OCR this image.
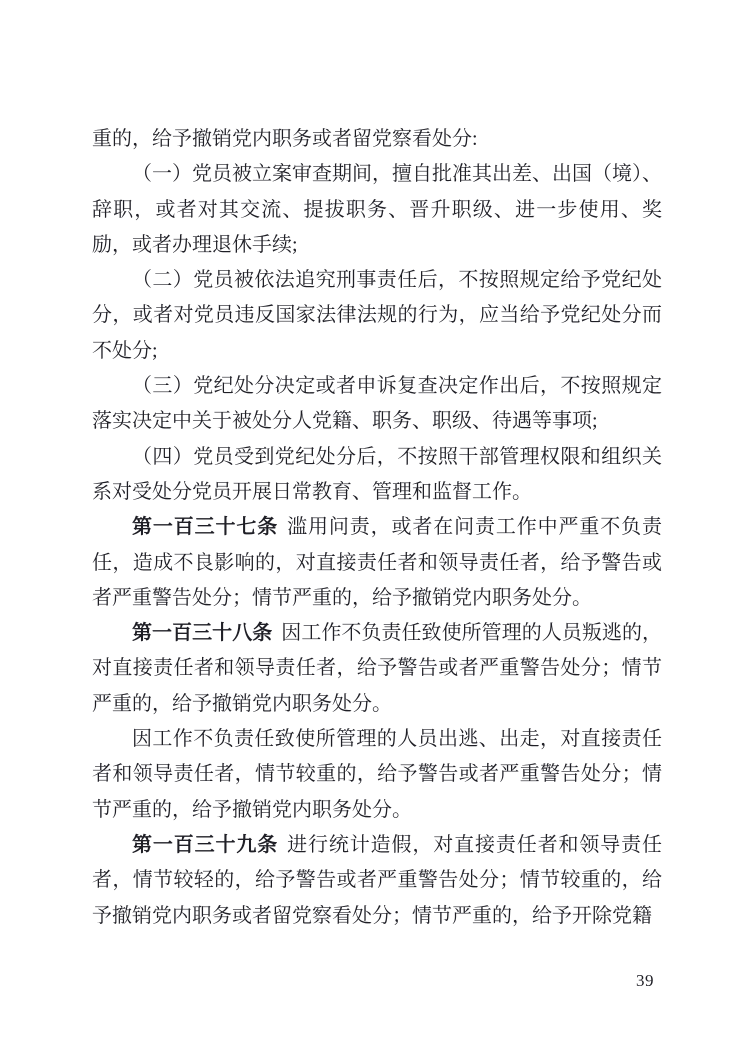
重的，给予撤销党内职务或者留党察看处分:

（一）党员被立案审查期间，擅自批准其出差、出国（境）、辞职，或者对其交流、提拔职务、晋升职级、进一步使用、奖励，或者办理退休手续;

（二）党员被依法追究刑事责任后，不按照规定给予党纪处分，或者对党员违反国家法律法规的行为，应当给予党纪处分而不处分;

（三）党纪处分决定或者申诉复查决定作出后，不按照规定落实决定中关于被处分人党籍、职务、职级、待遇等事项;

（四）党员受到党纪处分后，不按照干部管理权限和组织关系对受处分党员开展日常教育、管理和监督工作。

第一百三十七条 滥用问责，或者在问责工作中严重不负责任，造成不良影响的，对直接责任者和领导责任者，给予警告或者严重警告处分；情节严重的，给予撤销党内职务处分。

第一百三十八条 因工作不负责任致使所管理的人员叛逃的，对直接责任者和领导责任者，给予警告或者严重警告处分；情节严重的，给予撤销党内职务处分。

因工作不负责任致使所管理的人员出逃、出走，对直接责任者和领导责任者，情节较重的，给予警告或者严重警告处分；情节严重的，给予撤销党内职务处分。

第一百三十九条 进行统计造假，对直接责任者和领导责任者，情节较轻的，给予警告或者严重警告处分；情节较重的，给予撤销党内职务或者留党察看处分；情节严重的，给予开除党籍

39
